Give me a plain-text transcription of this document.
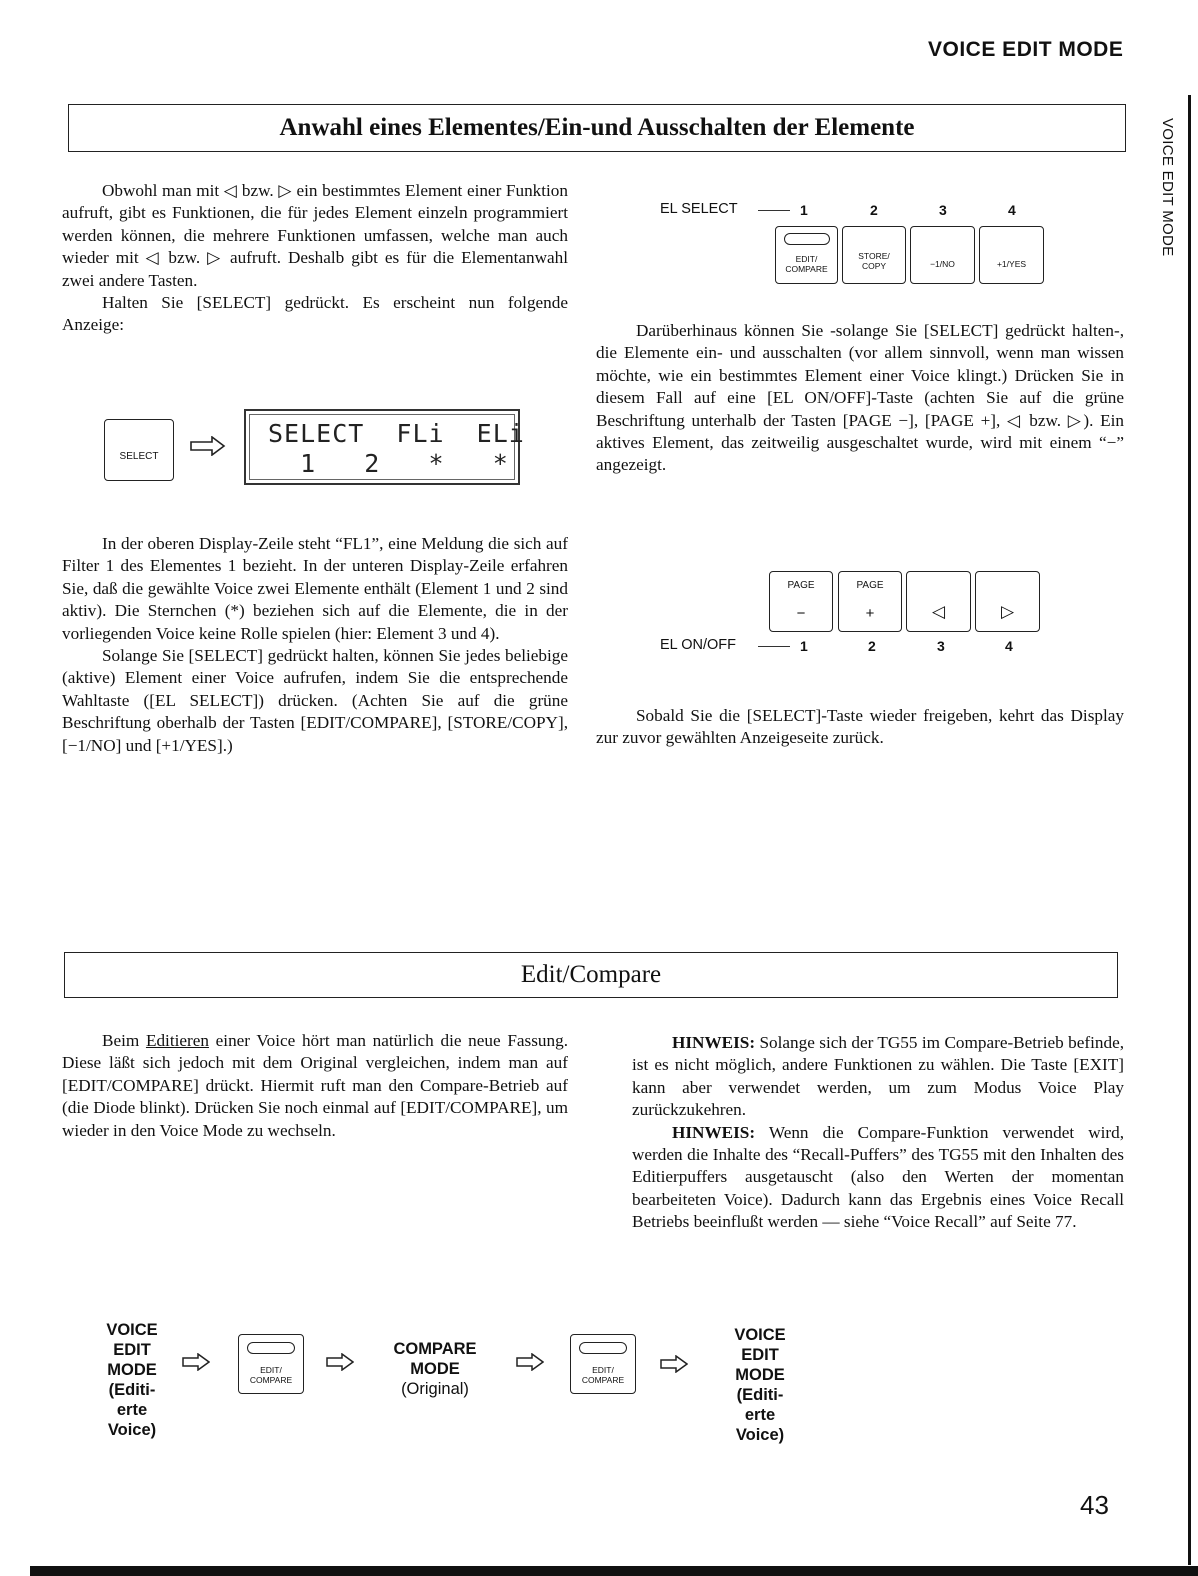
VOICE EDIT MODE
VOICE EDIT MODE
Anwahl eines Elementes/Ein-und Ausschalten der Elemente

Obwohl man mit ◁ bzw. ▷ ein bestimmtes Element einer Funktion aufruft, gibt es Funktionen, die für jedes Element einzeln programmiert werden können, die mehrere Funktionen umfassen, welche man auch wieder mit ◁ bzw. ▷ aufruft. Deshalb gibt es für die Elementanwahl zwei andere Tasten.

Halten Sie [SELECT] gedrückt. Es erscheint nun folgende Anzeige:

SELECT
SELECT  FLi  ELi
1   2   *   *

In der oberen Display-Zeile steht “FL1”, eine Meldung die sich auf Filter 1 des Elementes 1 bezieht. In der unteren Display-Zeile erfahren Sie, daß die gewählte Voice zwei Elemente enthält (Element 1 und 2 sind aktiv). Die Sternchen (*) beziehen sich auf die Elemente, die in der vorliegenden Voice keine Rolle spielen (hier: Element 3 und 4).

Solange Sie [SELECT] gedrückt halten, können Sie jedes beliebige (aktive) Element einer Voice aufrufen, indem Sie die entsprechende Wahltaste ([EL SELECT]) drücken. (Achten Sie auf die grüne Beschriftung oberhalb der Tasten [EDIT/COMPARE], [STORE/COPY], [−1/NO] und [+1/YES].)

EL SELECT	1	2	3	4
EDIT/
COMPARE
STORE/
COPY	−1/NO	+1/YES

Darüberhinaus können Sie -solange Sie [SELECT] gedrückt halten-, die Elemente ein- und ausschalten (vor allem sinnvoll, wenn man wissen möchte, wie ein bestimmtes Element einer Voice klingt.) Drücken Sie in diesem Fall auf eine [EL ON/OFF]-Taste (achten Sie auf die grüne Beschriftung unterhalb der Tasten [PAGE −], [PAGE +], ◁ bzw. ▷). Ein aktives Element, das zeitweilig ausgeschaltet wurde, wird mit einem “−” angezeigt.

PAGE
−
PAGE
+	◁	▷
EL ON/OFF	1	2	3	4

Sobald Sie die [SELECT]-Taste wieder freigeben, kehrt das Display zur zuvor gewählten Anzeigeseite zurück.

Edit/Compare

Beim Editieren einer Voice hört man natürlich die neue Fassung. Diese läßt sich jedoch mit dem Original vergleichen, indem man auf [EDIT/COMPARE] drückt. Hiermit ruft man den Compare-Betrieb auf (die Diode blinkt). Drücken Sie noch einmal auf [EDIT/COMPARE], um wieder in den Voice Mode zu wechseln.

HINWEIS: Solange sich der TG55 im Compare-Betrieb befinde, ist es nicht möglich, andere Funktionen zu wählen. Die Taste [EXIT] kann aber verwendet werden, um zum Modus Voice Play zurückzukehren.

HINWEIS: Wenn die Compare-Funktion verwendet wird, werden die Inhalte des “Recall-Puffers” des TG55 mit den Inhalten des Editierpuffers ausgetauscht (also den Werten der momentan bearbeiteten Voice). Dadurch kann das Ergebnis eines Voice Recall Betriebs beeinflußt werden — siehe “Voice Recall” auf Seite 77.

VOICE
EDIT
MODE
(Editi-
erte
Voice)
EDIT/
COMPARE
COMPARE
MODE
(Original)
EDIT/
COMPARE
VOICE
EDIT
MODE
(Editi-
erte
Voice)
43
